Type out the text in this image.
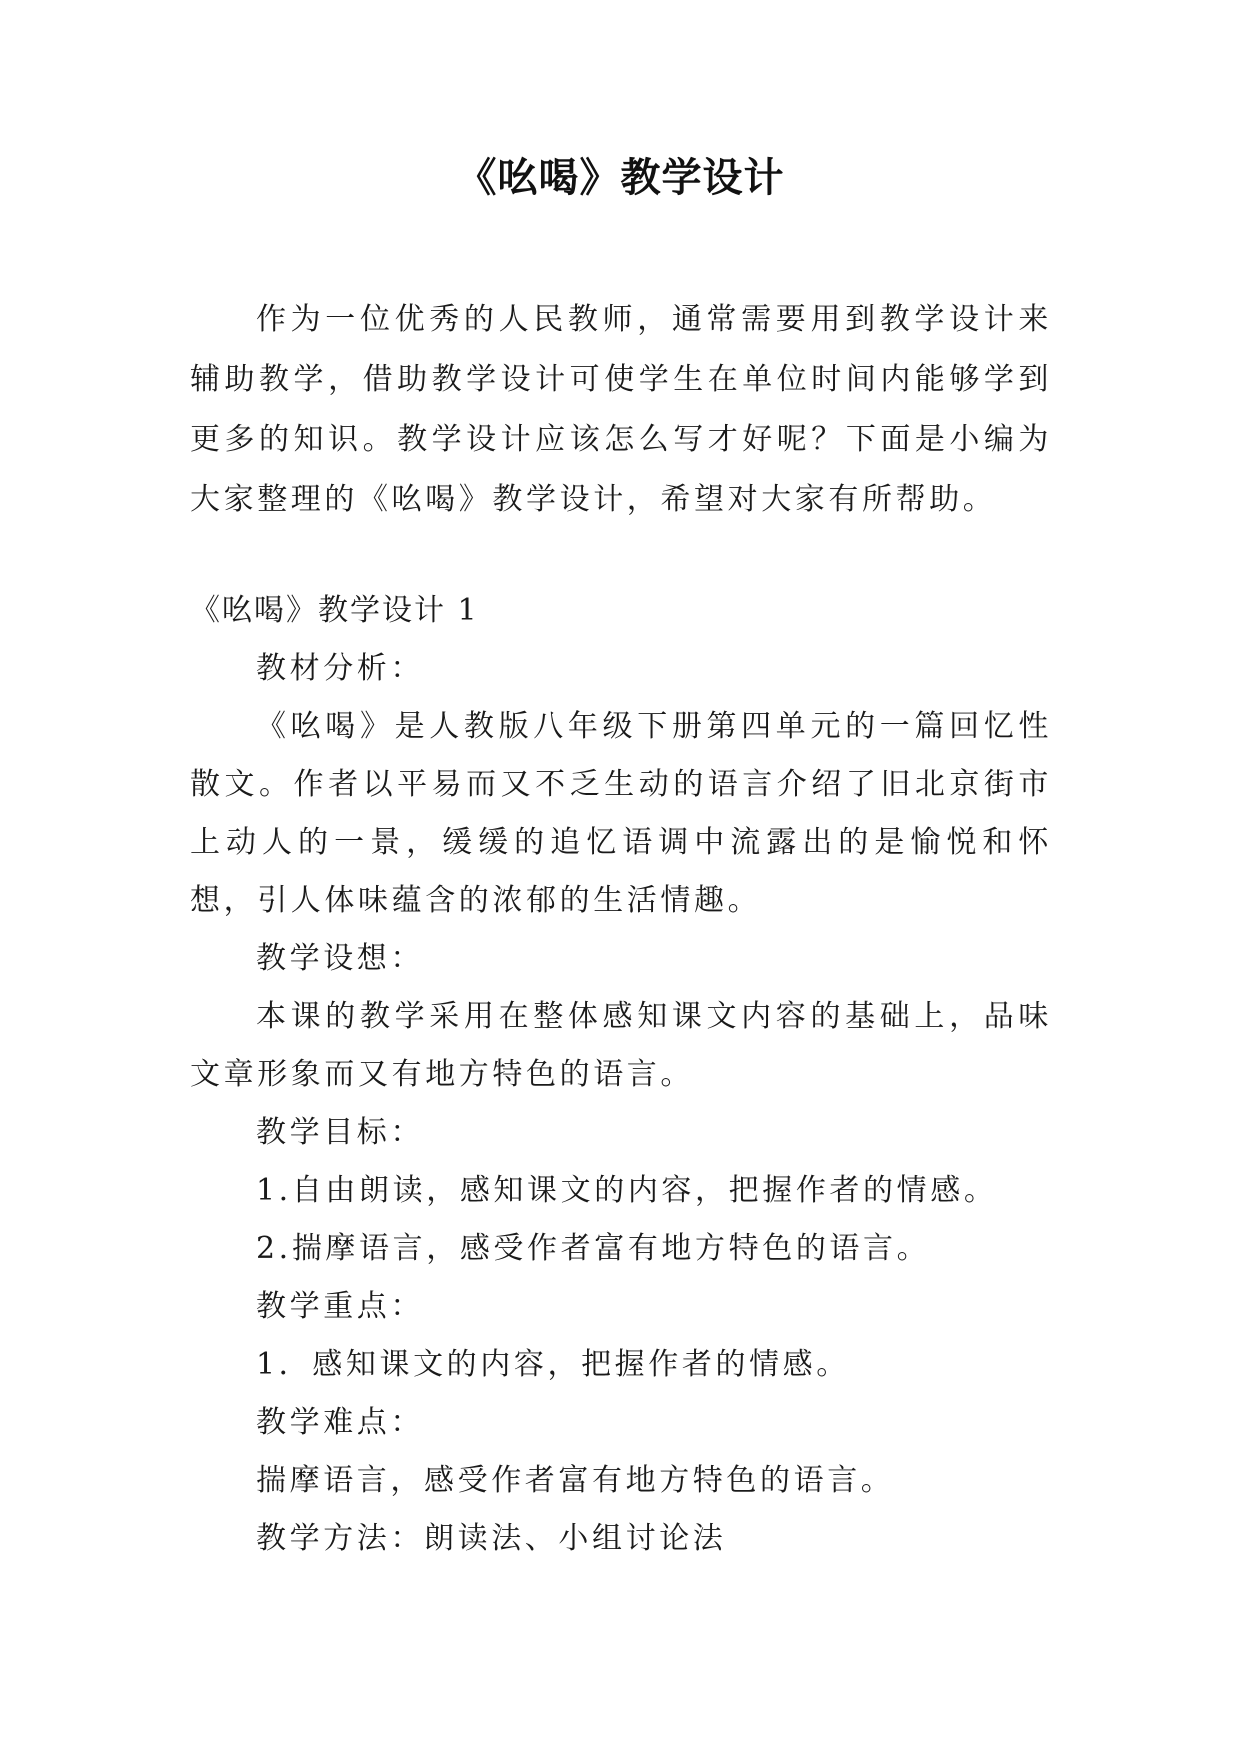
《吆喝》教学设计

作为一位优秀的人民教师，通常需要用到教学设计来辅助教学，借助教学设计可使学生在单位时间内能够学到更多的知识。教学设计应该怎么写才好呢？下面是小编为大家整理的《吆喝》教学设计，希望对大家有所帮助。

《吆喝》教学设计 1

教材分析：

《吆喝》是人教版八年级下册第四单元的一篇回忆性散文。作者以平易而又不乏生动的语言介绍了旧北京街市上动人的一景，缓缓的追忆语调中流露出的是愉悦和怀想，引人体味蕴含的浓郁的生活情趣。

教学设想：

本课的教学采用在整体感知课文内容的基础上，品味文章形象而又有地方特色的语言。

教学目标：

1.自由朗读，感知课文的内容，把握作者的情感。

2.揣摩语言，感受作者富有地方特色的语言。

教学重点：

1．感知课文的内容，把握作者的情感。

教学难点：

揣摩语言，感受作者富有地方特色的语言。

教学方法：朗读法、小组讨论法
